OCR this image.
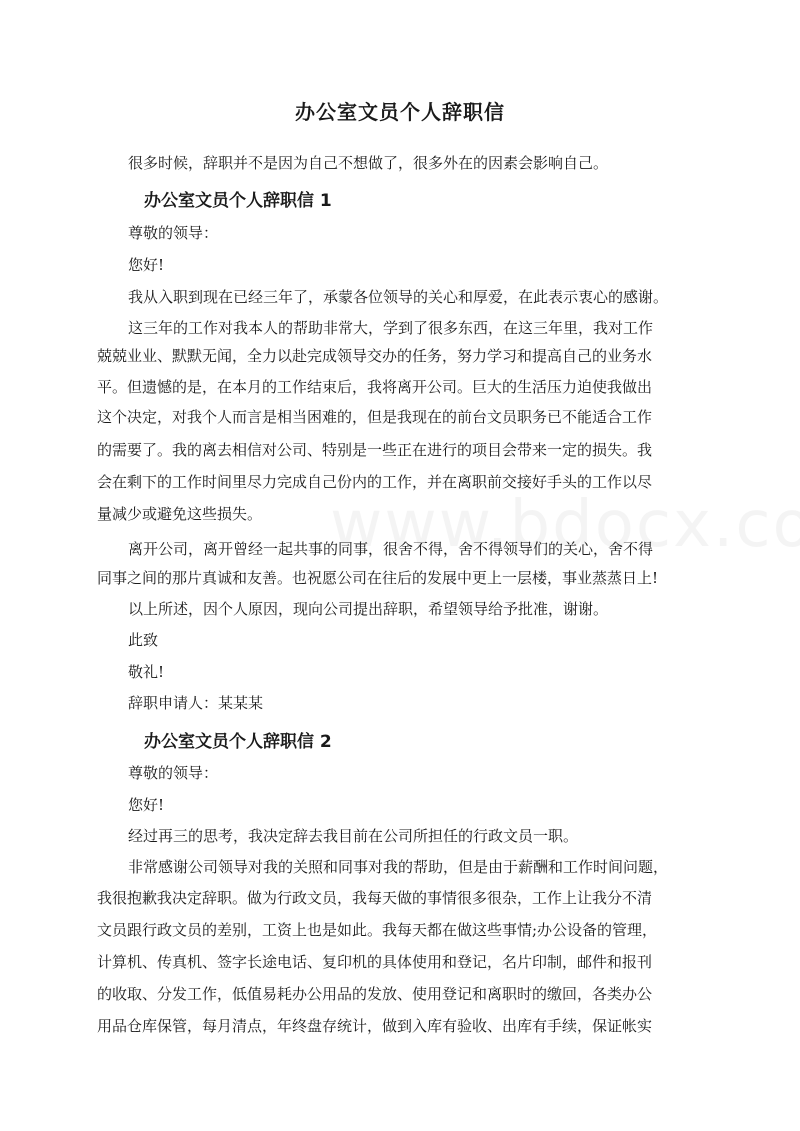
办公室文员个人辞职信
很多时候，辞职并不是因为自己不想做了，很多外在的因素会影响自己。
办公室文员个人辞职信 1
尊敬的领导：
您好!
我从入职到现在已经三年了，承蒙各位领导的关心和厚爱，在此表示衷心的感谢。
这三年的工作对我本人的帮助非常大，学到了很多东西，在这三年里，我对工作
兢兢业业、默默无闻，全力以赴完成领导交办的任务，努力学习和提高自己的业务水
平。但遗憾的是，在本月的工作结束后，我将离开公司。巨大的生活压力迫使我做出
这个决定，对我个人而言是相当困难的，但是我现在的前台文员职务已不能适合工作
的需要了。我的离去相信对公司、特别是一些正在进行的项目会带来一定的损失。我
会在剩下的工作时间里尽力完成自己份内的工作，并在离职前交接好手头的工作以尽
量减少或避免这些损失。
离开公司，离开曾经一起共事的同事，很舍不得，舍不得领导们的关心，舍不得
同事之间的那片真诚和友善。也祝愿公司在往后的发展中更上一层楼，事业蒸蒸日上!
以上所述，因个人原因，现向公司提出辞职，希望领导给予批准，谢谢。
此致
敬礼!
辞职申请人：某某某
办公室文员个人辞职信 2
尊敬的领导：
您好!
经过再三的思考，我决定辞去我目前在公司所担任的行政文员一职。
非常感谢公司领导对我的关照和同事对我的帮助，但是由于薪酬和工作时间问题，
我很抱歉我决定辞职。做为行政文员，我每天做的事情很多很杂，工作上让我分不清
文员跟行政文员的差别，工资上也是如此。我每天都在做这些事情;办公设备的管理，
计算机、传真机、签字长途电话、复印机的具体使用和登记，名片印制，邮件和报刊
的收取、分发工作，低值易耗办公用品的发放、使用登记和离职时的缴回，各类办公
用品仓库保管，每月清点，年终盘存统计，做到入库有验收、出库有手续，保证帐实
